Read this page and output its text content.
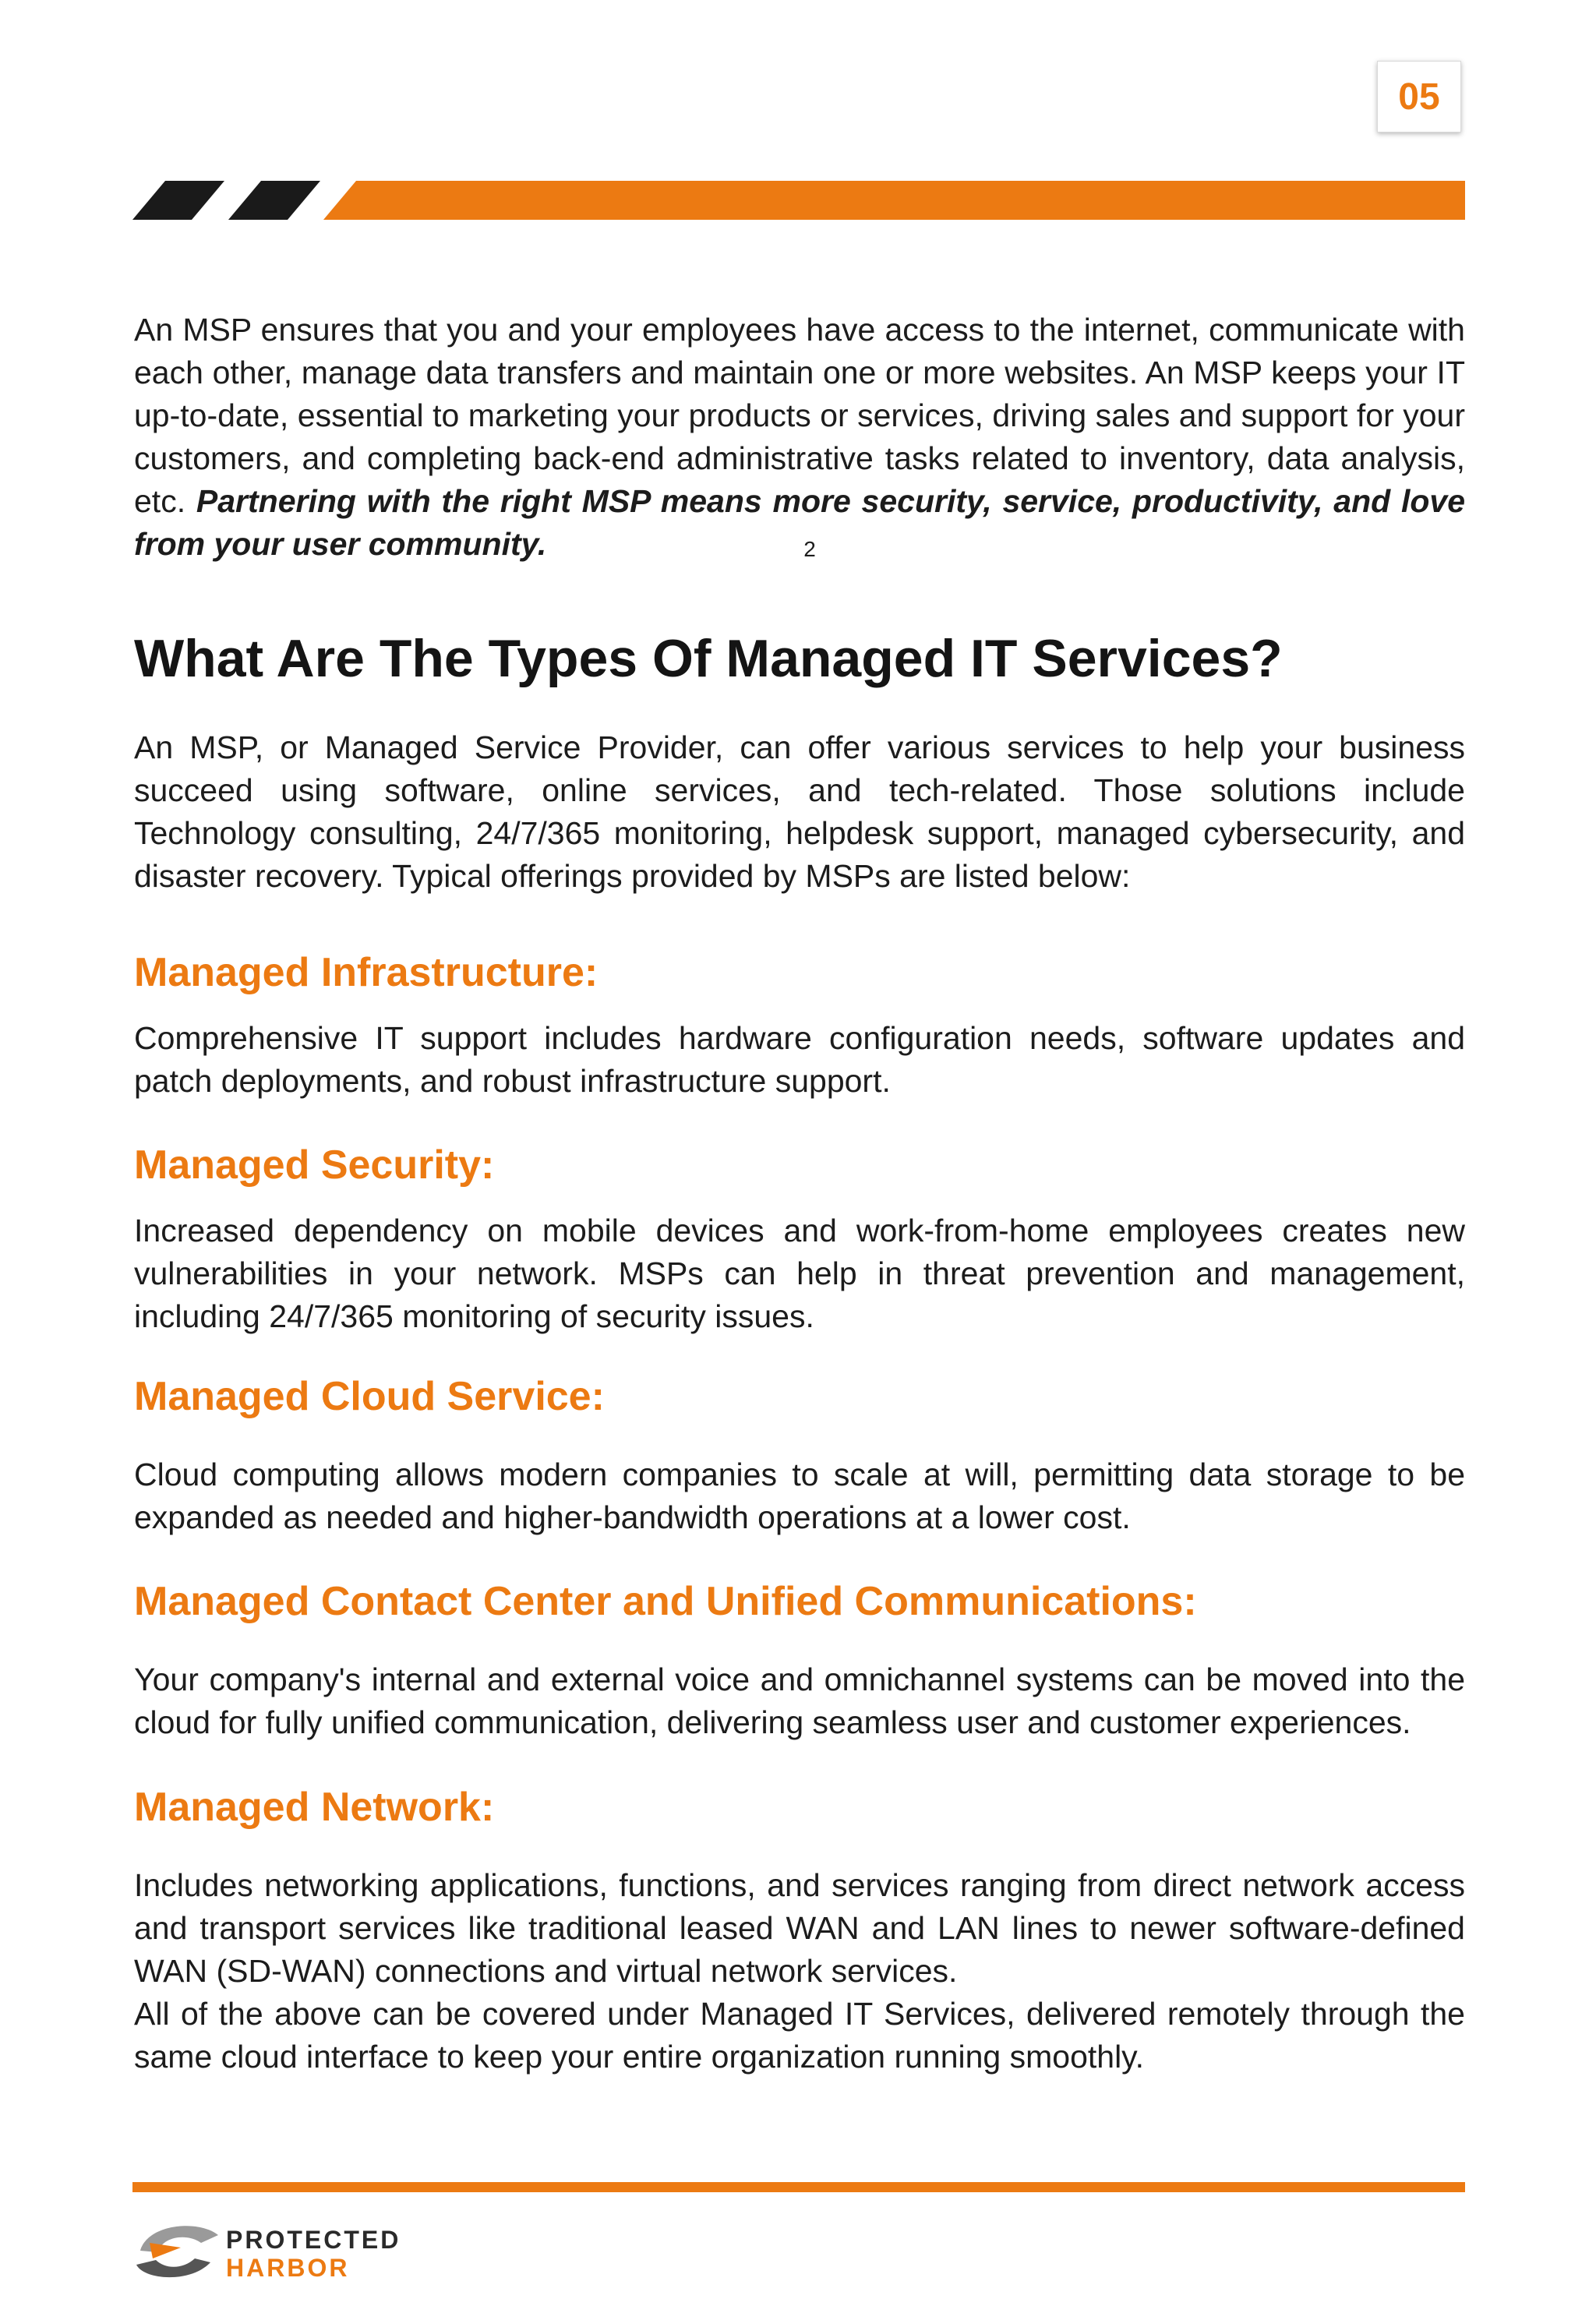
05

An MSP ensures that you and your employees have access to the internet, communicate with each other, manage data transfers and maintain one or more websites. An MSP keeps your IT up-to-date, essential to marketing your products or services, driving sales and support for your customers, and completing back-end administrative tasks related to inventory, data analysis, etc. Partnering with the right MSP means more security, service, productivity, and love from your user community.	2

What Are The Types Of Managed IT Services?

An MSP, or Managed Service Provider, can offer various services to help your business succeed using software, online services, and tech-related. Those solutions include Technology consulting, 24/7/365 monitoring, helpdesk support, managed cybersecurity, and disaster recovery. Typical offerings provided by MSPs are listed below:

Managed Infrastructure:

Comprehensive IT support includes hardware configuration needs, software updates and patch deployments, and robust infrastructure support.

Managed Security:

Increased dependency on mobile devices and work-from-home employees creates new vulnerabilities in your network. MSPs can help in threat prevention and management, including 24/7/365 monitoring of security issues.

Managed Cloud Service:

Cloud computing allows modern companies to scale at will, permitting data storage to be expanded as needed and higher-bandwidth operations at a lower cost.

Managed Contact Center and Unified Communications:

Your company's internal and external voice and omnichannel systems can be moved into the cloud for fully unified communication, delivering seamless user and customer experiences.

Managed Network:

Includes networking applications, functions, and services ranging from direct network access and transport services like traditional leased WAN and LAN lines to newer software-defined WAN (SD-WAN) connections and virtual network services.

All of the above can be covered under Managed IT Services, delivered remotely through the same cloud interface to keep your entire organization running smoothly.

PROTECTED
HARBOR
